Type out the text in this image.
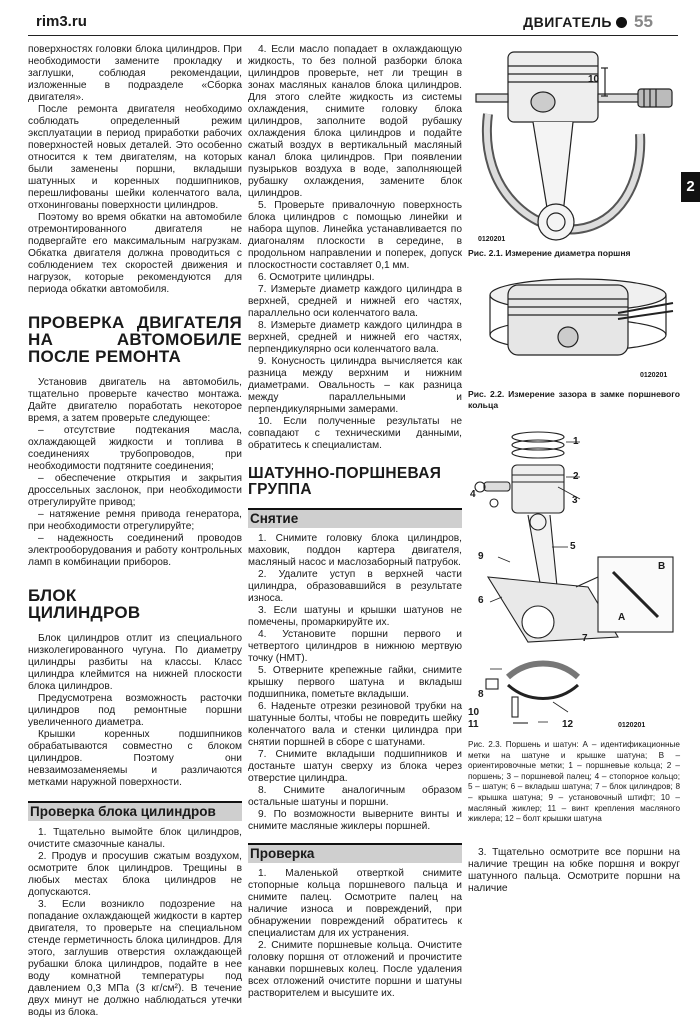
rim3.ru	ДВИГАТЕЛЬ 55
2

поверхностях головки блока цилиндров. При необходимости замените прокладку и заглушки, соблюдая рекомендации, изложенные в подразделе «Сборка двигателя».

После ремонта двигателя необходимо соблюдать определенный режим эксплуатации в период приработки рабочих поверхностей новых деталей. Это особенно относится к тем двигателям, на которых были заменены поршни, вкладыши шатунных и коренных подшипников, перешлифованы шейки коленчатого вала, отхонингованы поверхности цилиндров.

Поэтому во время обкатки на автомобиле отремонтированного двигателя не подвергайте его максимальным нагрузкам. Обкатка двигателя должна проводиться с соблюдением тех скоростей движения и нагрузок, которые рекомендуются для периода обкатки автомобиля.

ПРОВЕРКА ДВИГАТЕЛЯ НА АВТОМОБИЛЕ ПОСЛЕ РЕМОНТА

Установив двигатель на автомобиль, тщательно проверьте качество монтажа. Дайте двигателю поработать некоторое время, а затем проверьте следующее:

– отсутствие подтекания масла, охлаждающей жидкости и топлива в соединениях трубопроводов, при необходимости подтяните соединения;

– обеспечение открытия и закрытия дроссельных заслонок, при необходимости отрегулируйте привод;

– натяжение ремня привода генератора, при необходимости отрегулируйте;

– надежность соединений проводов электрооборудования и работу контрольных ламп в комбинации приборов.

БЛОК ЦИЛИНДРОВ

Блок цилиндров отлит из специального низколегированного чугуна. По диаметру цилиндры разбиты на классы. Класс цилиндра клеймится на нижней плоскости блока цилиндров.

Предусмотрена возможность расточки цилиндров под ремонтные поршни увеличенного диаметра.

Крышки коренных подшипников обрабатываются совместно с блоком цилиндров. Поэтому они невзаимозаменяемы и различаются метками наружной поверхности.

Проверка блока цилиндров

1. Тщательно вымойте блок цилиндров, очистите смазочные каналы.

2. Продув и просушив сжатым воздухом, осмотрите блок цилиндров. Трещины в любых местах блока цилиндров не допускаются.

3. Если возникло подозрение на попадание охлаждающей жидкости в картер двигателя, то проверьте на специальном стенде герметичность блока цилиндров. Для этого, заглушив отверстия охлаждающей рубашки блока цилиндров, подайте в нее воду комнатной температуры под давлением 0,3 МПа (3 кг/см²). В течение двух минут не должно наблюдаться утечки воды из блока.

4. Если масло попадает в охлаждающую жидкость, то без полной разборки блока цилиндров проверьте, нет ли трещин в зонах масляных каналов блока цилиндров. Для этого слейте жидкость из системы охлаждения, снимите головку блока цилиндров, заполните водой рубашку охлаждения блока цилиндров и подайте сжатый воздух в вертикальный масляный канал блока цилиндров. При появлении пузырьков воздуха в воде, заполняющей рубашку охлаждения, замените блок цилиндров.

5. Проверьте привалочную поверхность блока цилиндров с помощью линейки и набора щупов. Линейка устанавливается по диагоналям плоскости в середине, в продольном направлении и поперек, допуск плоскостности составляет 0,1 мм.

6. Осмотрите цилиндры.

7. Измерьте диаметр каждого цилиндра в верхней, средней и нижней его частях, параллельно оси коленчатого вала.

8. Измерьте диаметр каждого цилиндра в верхней, средней и нижней его частях, перпендикулярно оси коленчатого вала.

9. Конусность цилиндра вычисляется как разница между верхним и нижним диаметрами. Овальность – как разница между параллельными и перпендикулярными замерами.

10. Если полученные результаты не совпадают с техническими данными, обратитесь к специалистам.

ШАТУННО-ПОРШНЕВАЯ ГРУППА
Снятие

1. Снимите головку блока цилиндров, маховик, поддон картера двигателя, масляный насос и маслозаборный патрубок.

2. Удалите уступ в верхней части цилиндра, образовавшийся в результате износа.

3. Если шатуны и крышки шатунов не помечены, промаркируйте их.

4. Установите поршни первого и четвертого цилиндров в нижнюю мертвую точку (НМТ).

5. Отверните крепежные гайки, снимите крышку первого шатуна и вкладыш подшипника, пометьте вкладыши.

6. Наденьте отрезки резиновой трубки на шатунные болты, чтобы не повредить шейку коленчатого вала и стенки цилиндра при снятии поршней в сборе с шатунами.

7. Снимите вкладыши подшипников и достаньте шатун сверху из блока через отверстие цилиндра.

8. Снимите аналогичным образом остальные шатуны и поршни.

9. По возможности выверните винты и снимите масляные жиклеры поршней.

Проверка

1. Маленькой отверткой снимите стопорные кольца поршневого пальца и снимите палец. Осмотрите палец на наличие износа и повреждений, при обнаружении повреждений обратитесь к специалистам для их устранения.

2. Снимите поршневые кольца. Очистите головку поршня от отложений и прочистите канавки поршневых колец. После удаления всех отложений очистите поршни и шатуны растворителем и высушите их.

10
0120201

Рис. 2.1. Измерение диаметра поршня

0120201

Рис. 2.2. Измерение зазора в замке поршневого кольца

1
2
3
4
5
6
7
8
9
10
11	12
A
B
0120201

Рис. 2.3. Поршень и шатун: А – идентификационные метки на шатуне и крышке шатуна; В – ориентировочные метки; 1 – поршневые кольца; 2 – поршень; 3 – поршневой палец; 4 – стопорное кольцо; 5 – шатун; 6 – вкладыш шатуна; 7 – блок цилиндров; 8 – крышка шатуна; 9 – установочный штифт; 10 – масляный жиклер; 11 – винт крепления масляного жиклера; 12 – болт крышки шатуна

3. Тщательно осмотрите все поршни на наличие трещин на юбке поршня и вокруг шатунного пальца. Осмотрите поршни на наличие
